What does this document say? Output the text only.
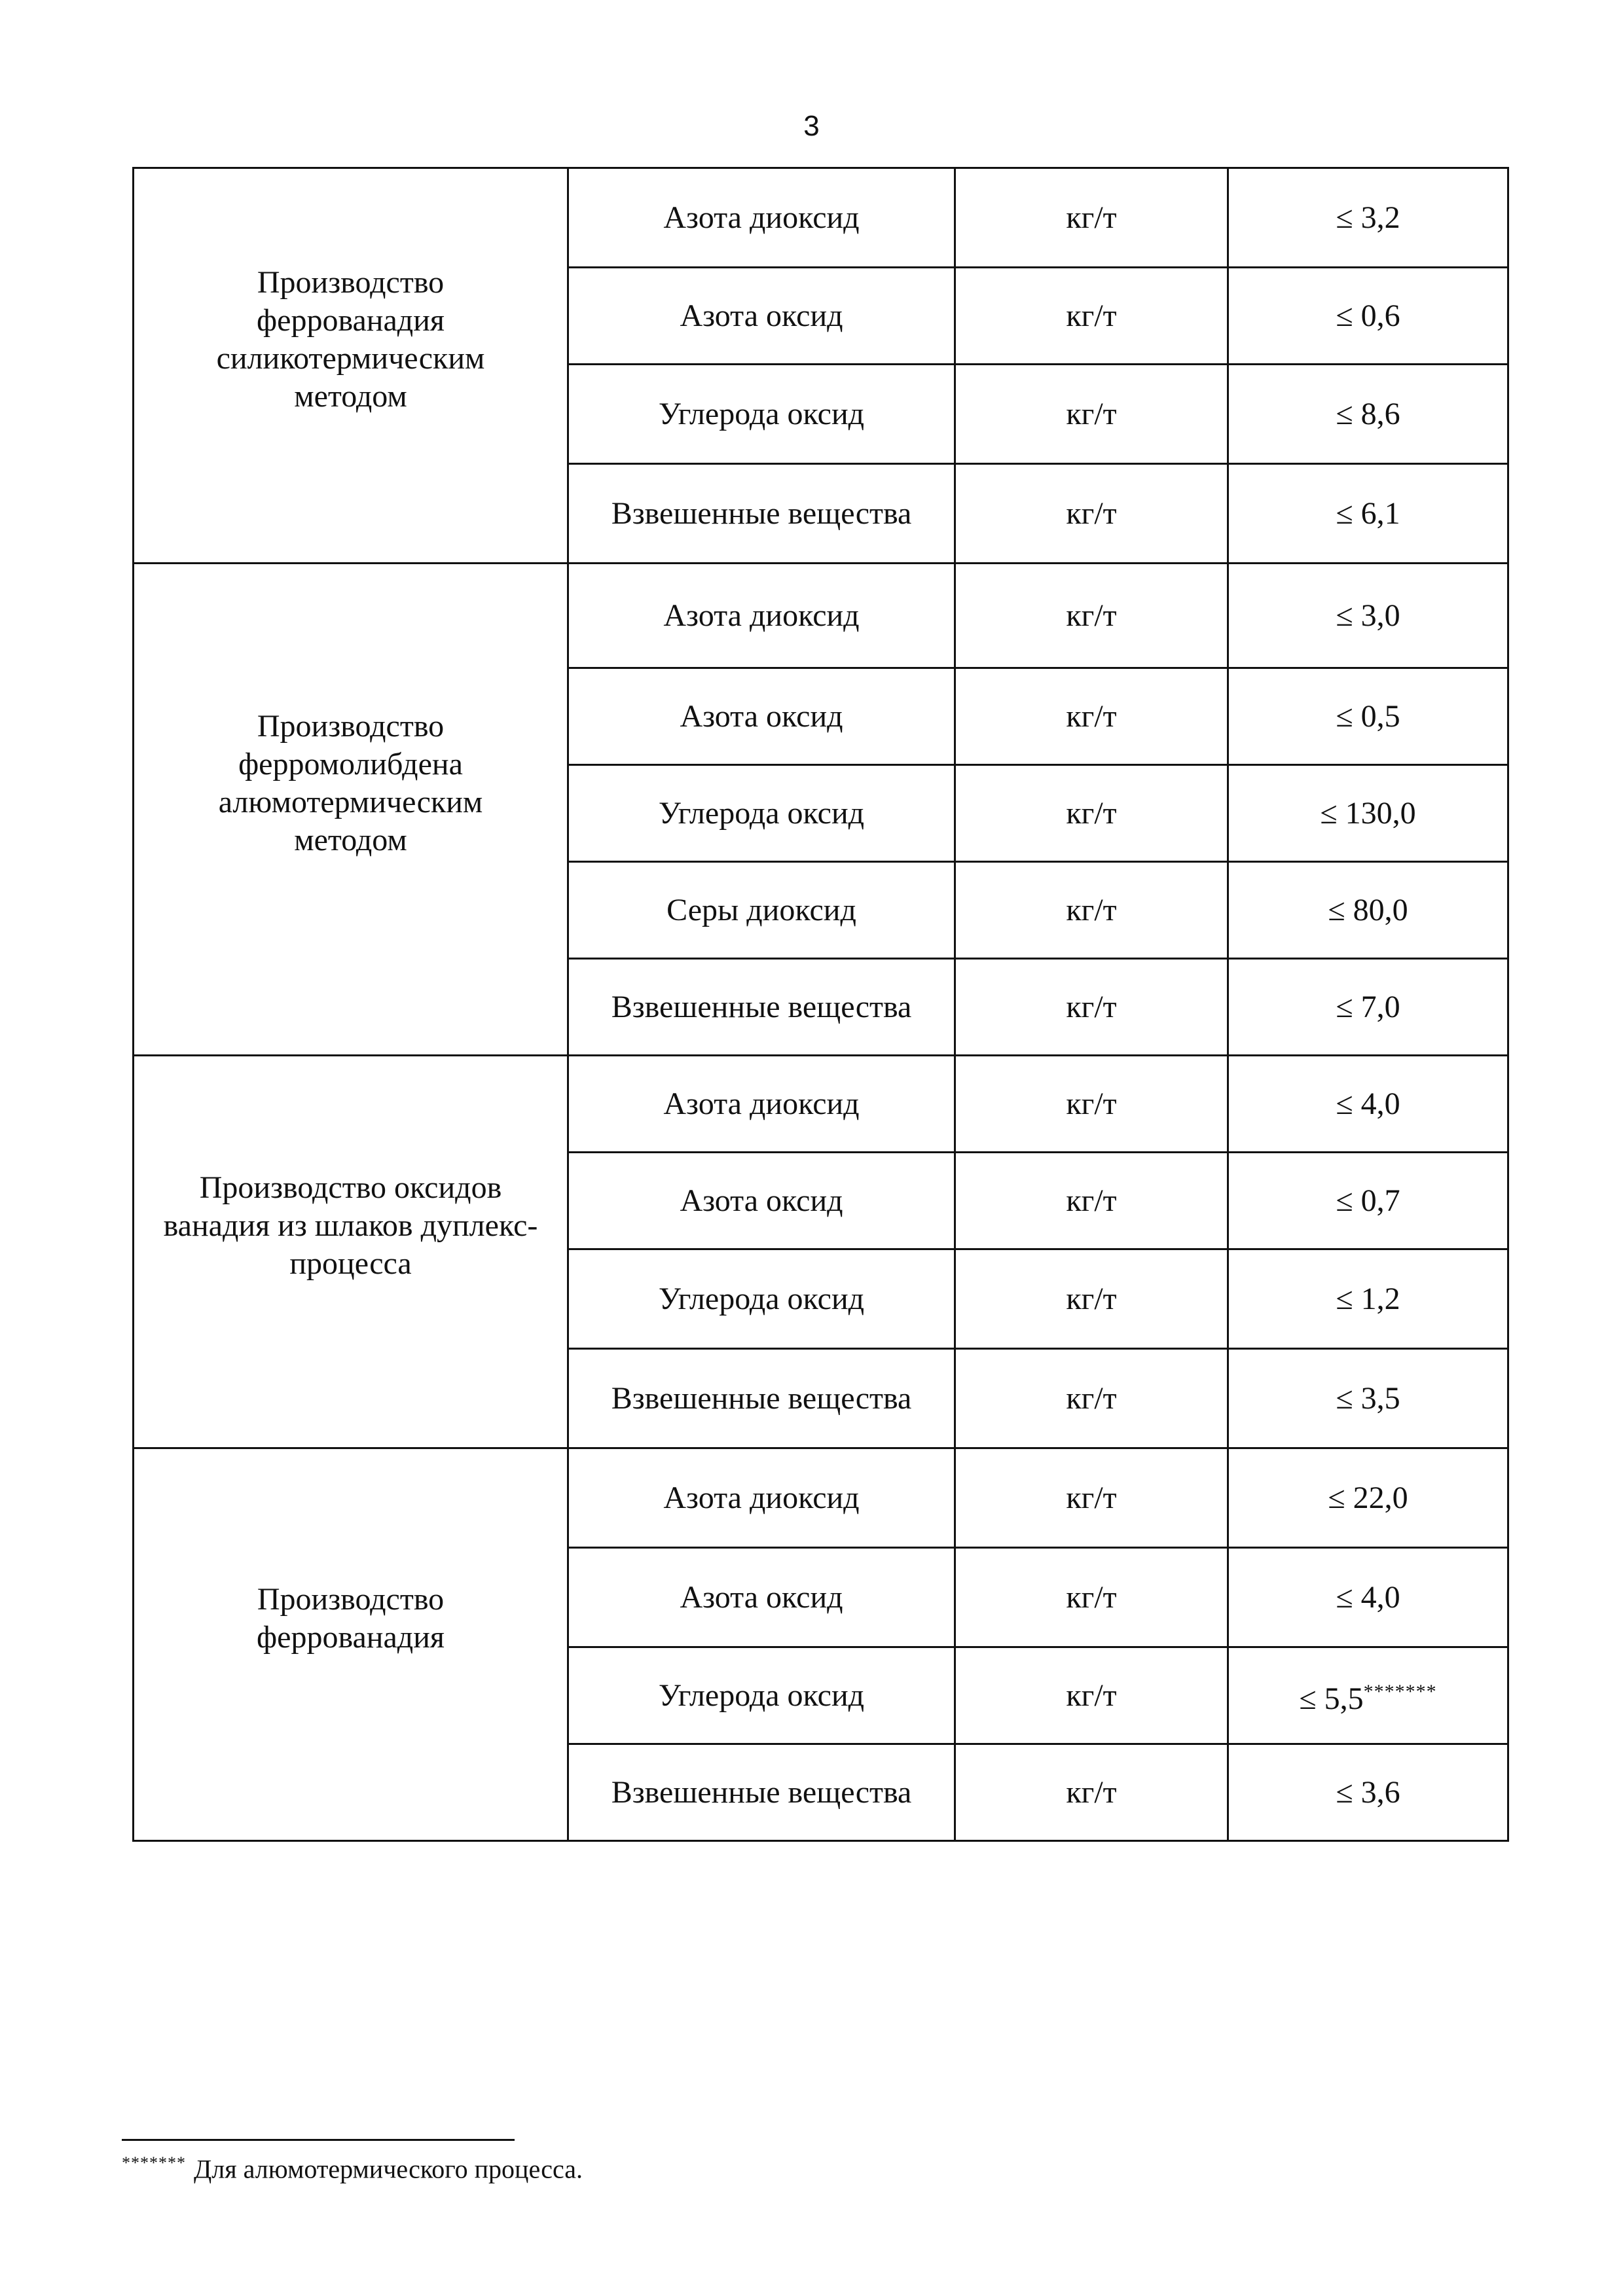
3
Производство феррованадия силикотермическим методом	Азота диоксид	кг/т	≤ 3,2
	Азота оксид	кг/т	≤ 0,6
	Углерода оксид	кг/т	≤ 8,6
	Взвешенные вещества	кг/т	≤ 6,1
Производство ферромолибдена алюмотермическим методом	Азота диоксид	кг/т	≤ 3,0
	Азота оксид	кг/т	≤ 0,5
	Углерода оксид	кг/т	≤ 130,0
	Серы диоксид	кг/т	≤ 80,0
	Взвешенные вещества	кг/т	≤ 7,0
Производство оксидов ванадия из шлаков дуплекс-процесса	Азота диоксид	кг/т	≤ 4,0
	Азота оксид	кг/т	≤ 0,7
	Углерода оксид	кг/т	≤ 1,2
	Взвешенные вещества	кг/т	≤ 3,5
Производство феррованадия	Азота диоксид	кг/т	≤ 22,0
	Азота оксид	кг/т	≤ 4,0
	Углерода оксид	кг/т	≤ 5,5*******
	Взвешенные вещества	кг/т	≤ 3,6
******* Для алюмотермического процесса.
